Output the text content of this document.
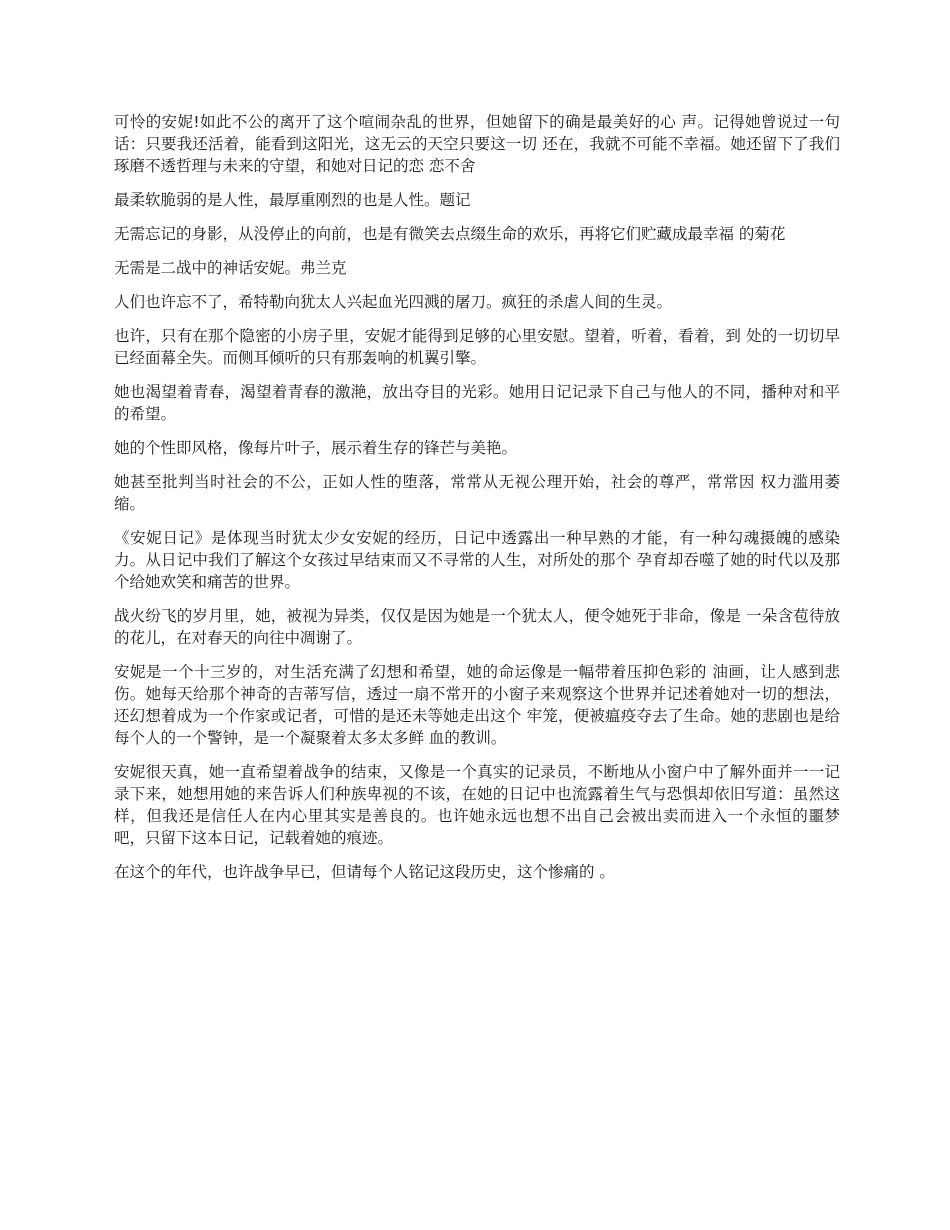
可怜的安妮!如此不公的离开了这个喧闹杂乱的世界，但她留下的确是最美好的心 声。记得她曾说过一句话：只要我还活着，能看到这阳光，这无云的天空只要这一切 还在，我就不可能不幸福。她还留下了我们琢磨不透哲理与未来的守望，和她对日记的恋 恋不舍

最柔软脆弱的是人性，最厚重刚烈的也是人性。题记

无需忘记的身影，从没停止的向前，也是有微笑去点缀生命的欢乐，再将它们贮藏成最幸福 的菊花

无需是二战中的神话安妮。弗兰克

人们也许忘不了，希特勒向犹太人兴起血光四溅的屠刀。疯狂的杀虐人间的生灵。

也许，只有在那个隐密的小房子里，安妮才能得到足够的心里安慰。望着，听着，看着，到 处的一切切早已经面幕全失。而侧耳倾听的只有那轰响的机翼引擎。

她也渴望着青春，渴望着青春的激滟，放出夺目的光彩。她用日记记录下自己与他人的不同，播种对和平的希望。

她的个性即风格，像每片叶子，展示着生存的锋芒与美艳。

她甚至批判当时社会的不公，正如人性的堕落，常常从无视公理开始，社会的尊严，常常因 权力滥用萎缩。

《安妮日记》是体现当时犹太少女安妮的经历，日记中透露出一种早熟的才能，有一种勾魂摄魄的感染力。从日记中我们了解这个女孩过早结束而又不寻常的人生，对所处的那个 孕育却吞噬了她的时代以及那个给她欢笑和痛苦的世界。

战火纷飞的岁月里，她，被视为异类，仅仅是因为她是一个犹太人，便令她死于非命，像是 一朵含苞待放的花儿，在对春天的向往中凋谢了。

安妮是一个十三岁的，对生活充满了幻想和希望，她的命运像是一幅带着压抑色彩的 油画，让人感到悲伤。她每天给那个神奇的吉蒂写信，透过一扇不常开的小窗子来观察这个世界并记述着她对一切的想法，还幻想着成为一个作家或记者，可惜的是还未等她走出这个 牢笼，便被瘟疫夺去了生命。她的悲剧也是给每个人的一个警钟，是一个凝聚着太多太多鲜 血的教训。

安妮很天真，她一直希望着战争的结束，又像是一个真实的记录员，不断地从小窗户中了解外面并一一记录下来，她想用她的来告诉人们种族卑视的不该，在她的日记中也流露着生气与恐惧却依旧写道：虽然这样，但我还是信任人在内心里其实是善良的。也许她永远也想不出自己会被出卖而进入一个永恒的噩梦吧，只留下这本日记，记载着她的痕迹。

在这个的年代，也许战争早已，但请每个人铭记这段历史，这个惨痛的 。
